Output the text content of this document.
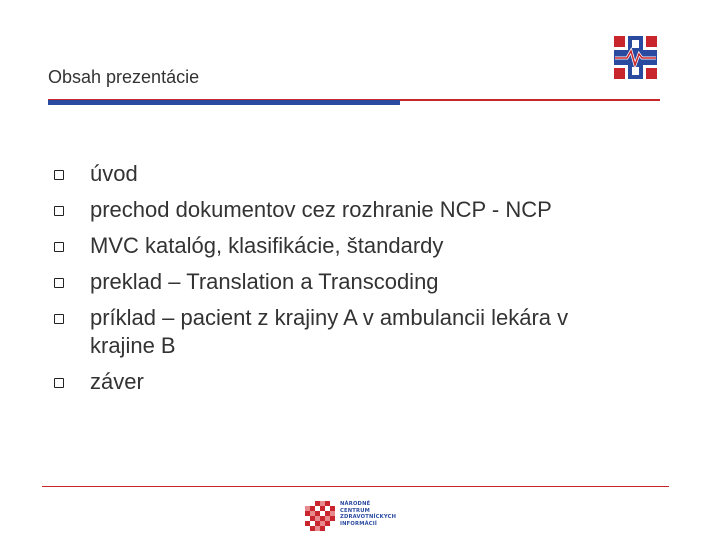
Obsah prezentácie
úvod
prechod dokumentov cez rozhranie NCP - NCP
MVC katalóg, klasifikácie, štandardy
preklad – Translation a Transcoding
príklad – pacient z krajiny A v ambulancii lekára v krajine B
záver
NÁRODNÉ
CENTRUM
ZDRAVOTNÍCKYCH
INFORMÁCIÍ
